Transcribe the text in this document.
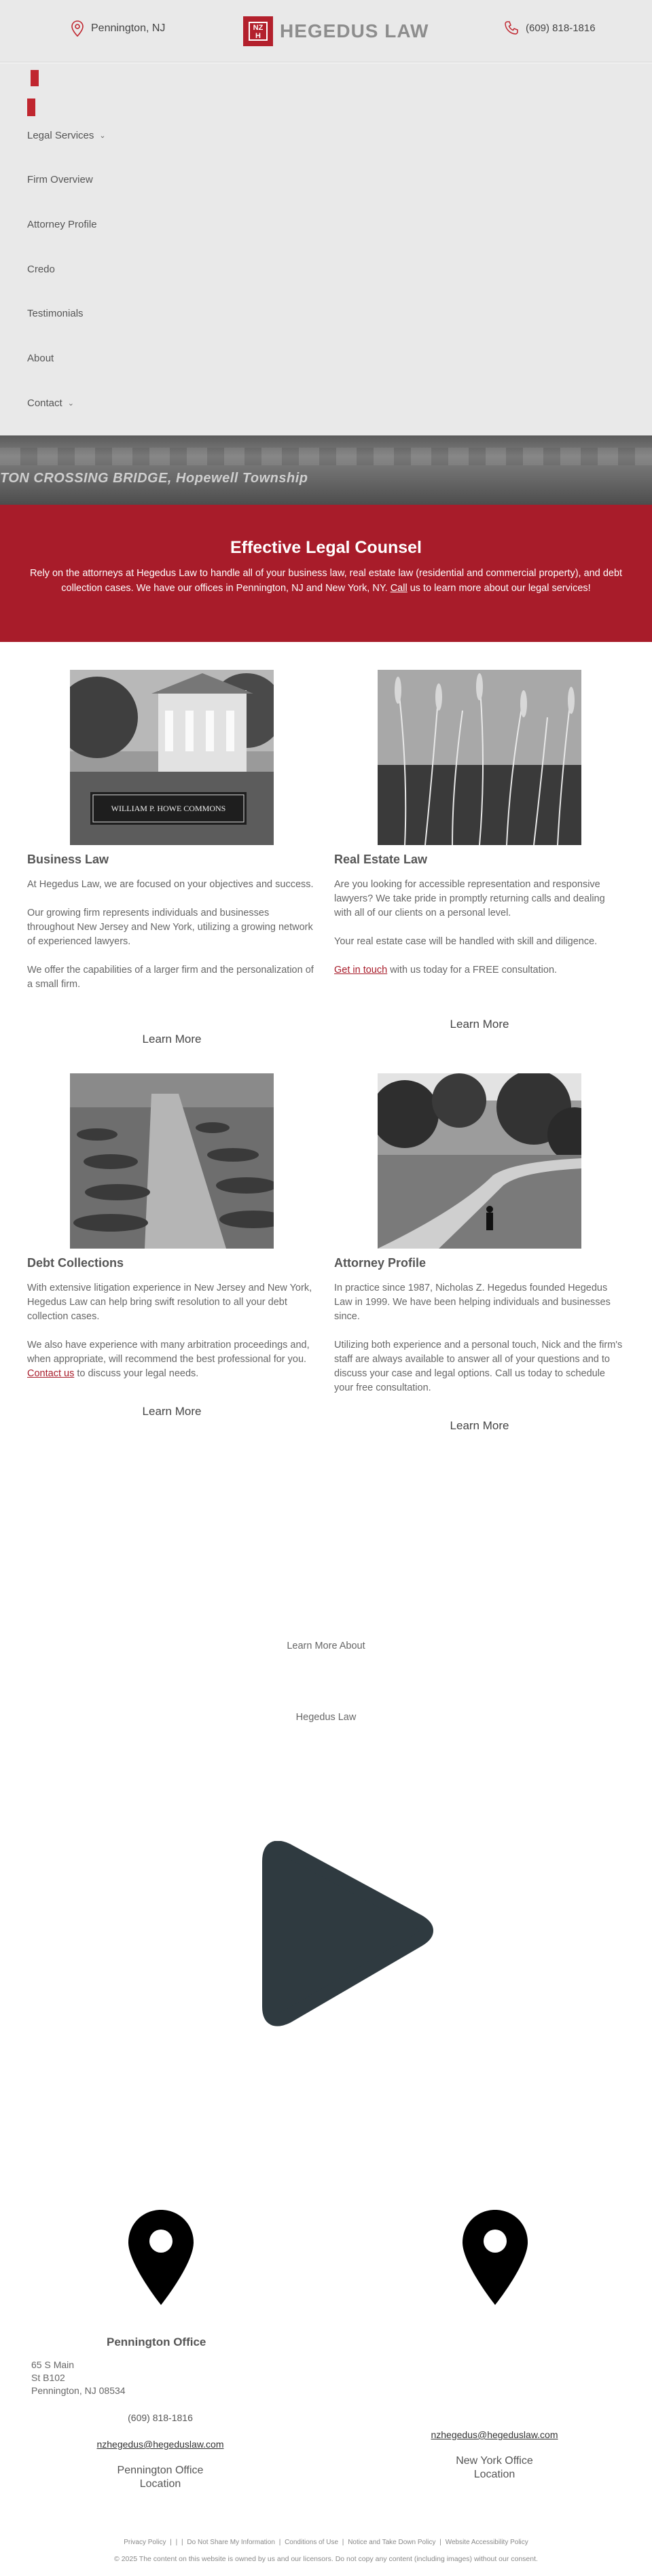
Pennington, NJ	NZ
H	HEGEDUS LAW	(609) 818-1816
Legal Services ⌄
Firm Overview
Attorney Profile
Credo
Testimonials
About
Contact ⌄
TON CROSSING BRIDGE, Hopewell Township
Effective Legal Counsel

Rely on the attorneys at Hegedus Law to handle all of your business law, real estate law (residential and commercial property), and debt collection cases. We have our offices in Pennington, NJ and New York, NY. Call us to learn more about our legal services!

WILLIAM P. HOWE COMMONS
Business Law

At Hegedus Law, we are focused on your objectives and success.

Our growing firm represents individuals and businesses throughout New Jersey and New York, utilizing a growing network of experienced lawyers.

We offer the capabilities of a larger firm and the personalization of a small firm.

Learn More
Real Estate Law

Are you looking for accessible representation and responsive lawyers? We take pride in promptly returning calls and dealing with all of our clients on a personal level.

Your real estate case will be handled with skill and diligence.

Get in touch with us today for a FREE consultation.

Learn More
Debt Collections

With extensive litigation experience in New Jersey and New York, Hegedus Law can help bring swift resolution to all your debt collection cases.

We also have experience with many arbitration proceedings and, when appropriate, will recommend the best professional for you. Contact us to discuss your legal needs.

Learn More
Attorney Profile

In practice since 1987, Nicholas Z. Hegedus founded Hegedus Law in 1999. We have been helping individuals and businesses since.

Utilizing both experience and a personal touch, Nick and the firm's staff are always available to answer all of your questions and to discuss your case and legal options. Call us today to schedule your free consultation.

Learn More
Learn More About
Hegedus Law
Pennington Office
65 S Main
St B102
Pennington, NJ 08534
(609) 818-1816
nzhegedus@hegeduslaw.com
Pennington Office
Location
nzhegedus@hegeduslaw.com
New York Office
Location
Privacy Policy | | | Do Not Share My Information | Conditions of Use | Notice and Take Down Policy | Website Accessibility Policy
© 2025 The content on this website is owned by us and our licensors. Do not copy any content (including images) without our consent.
